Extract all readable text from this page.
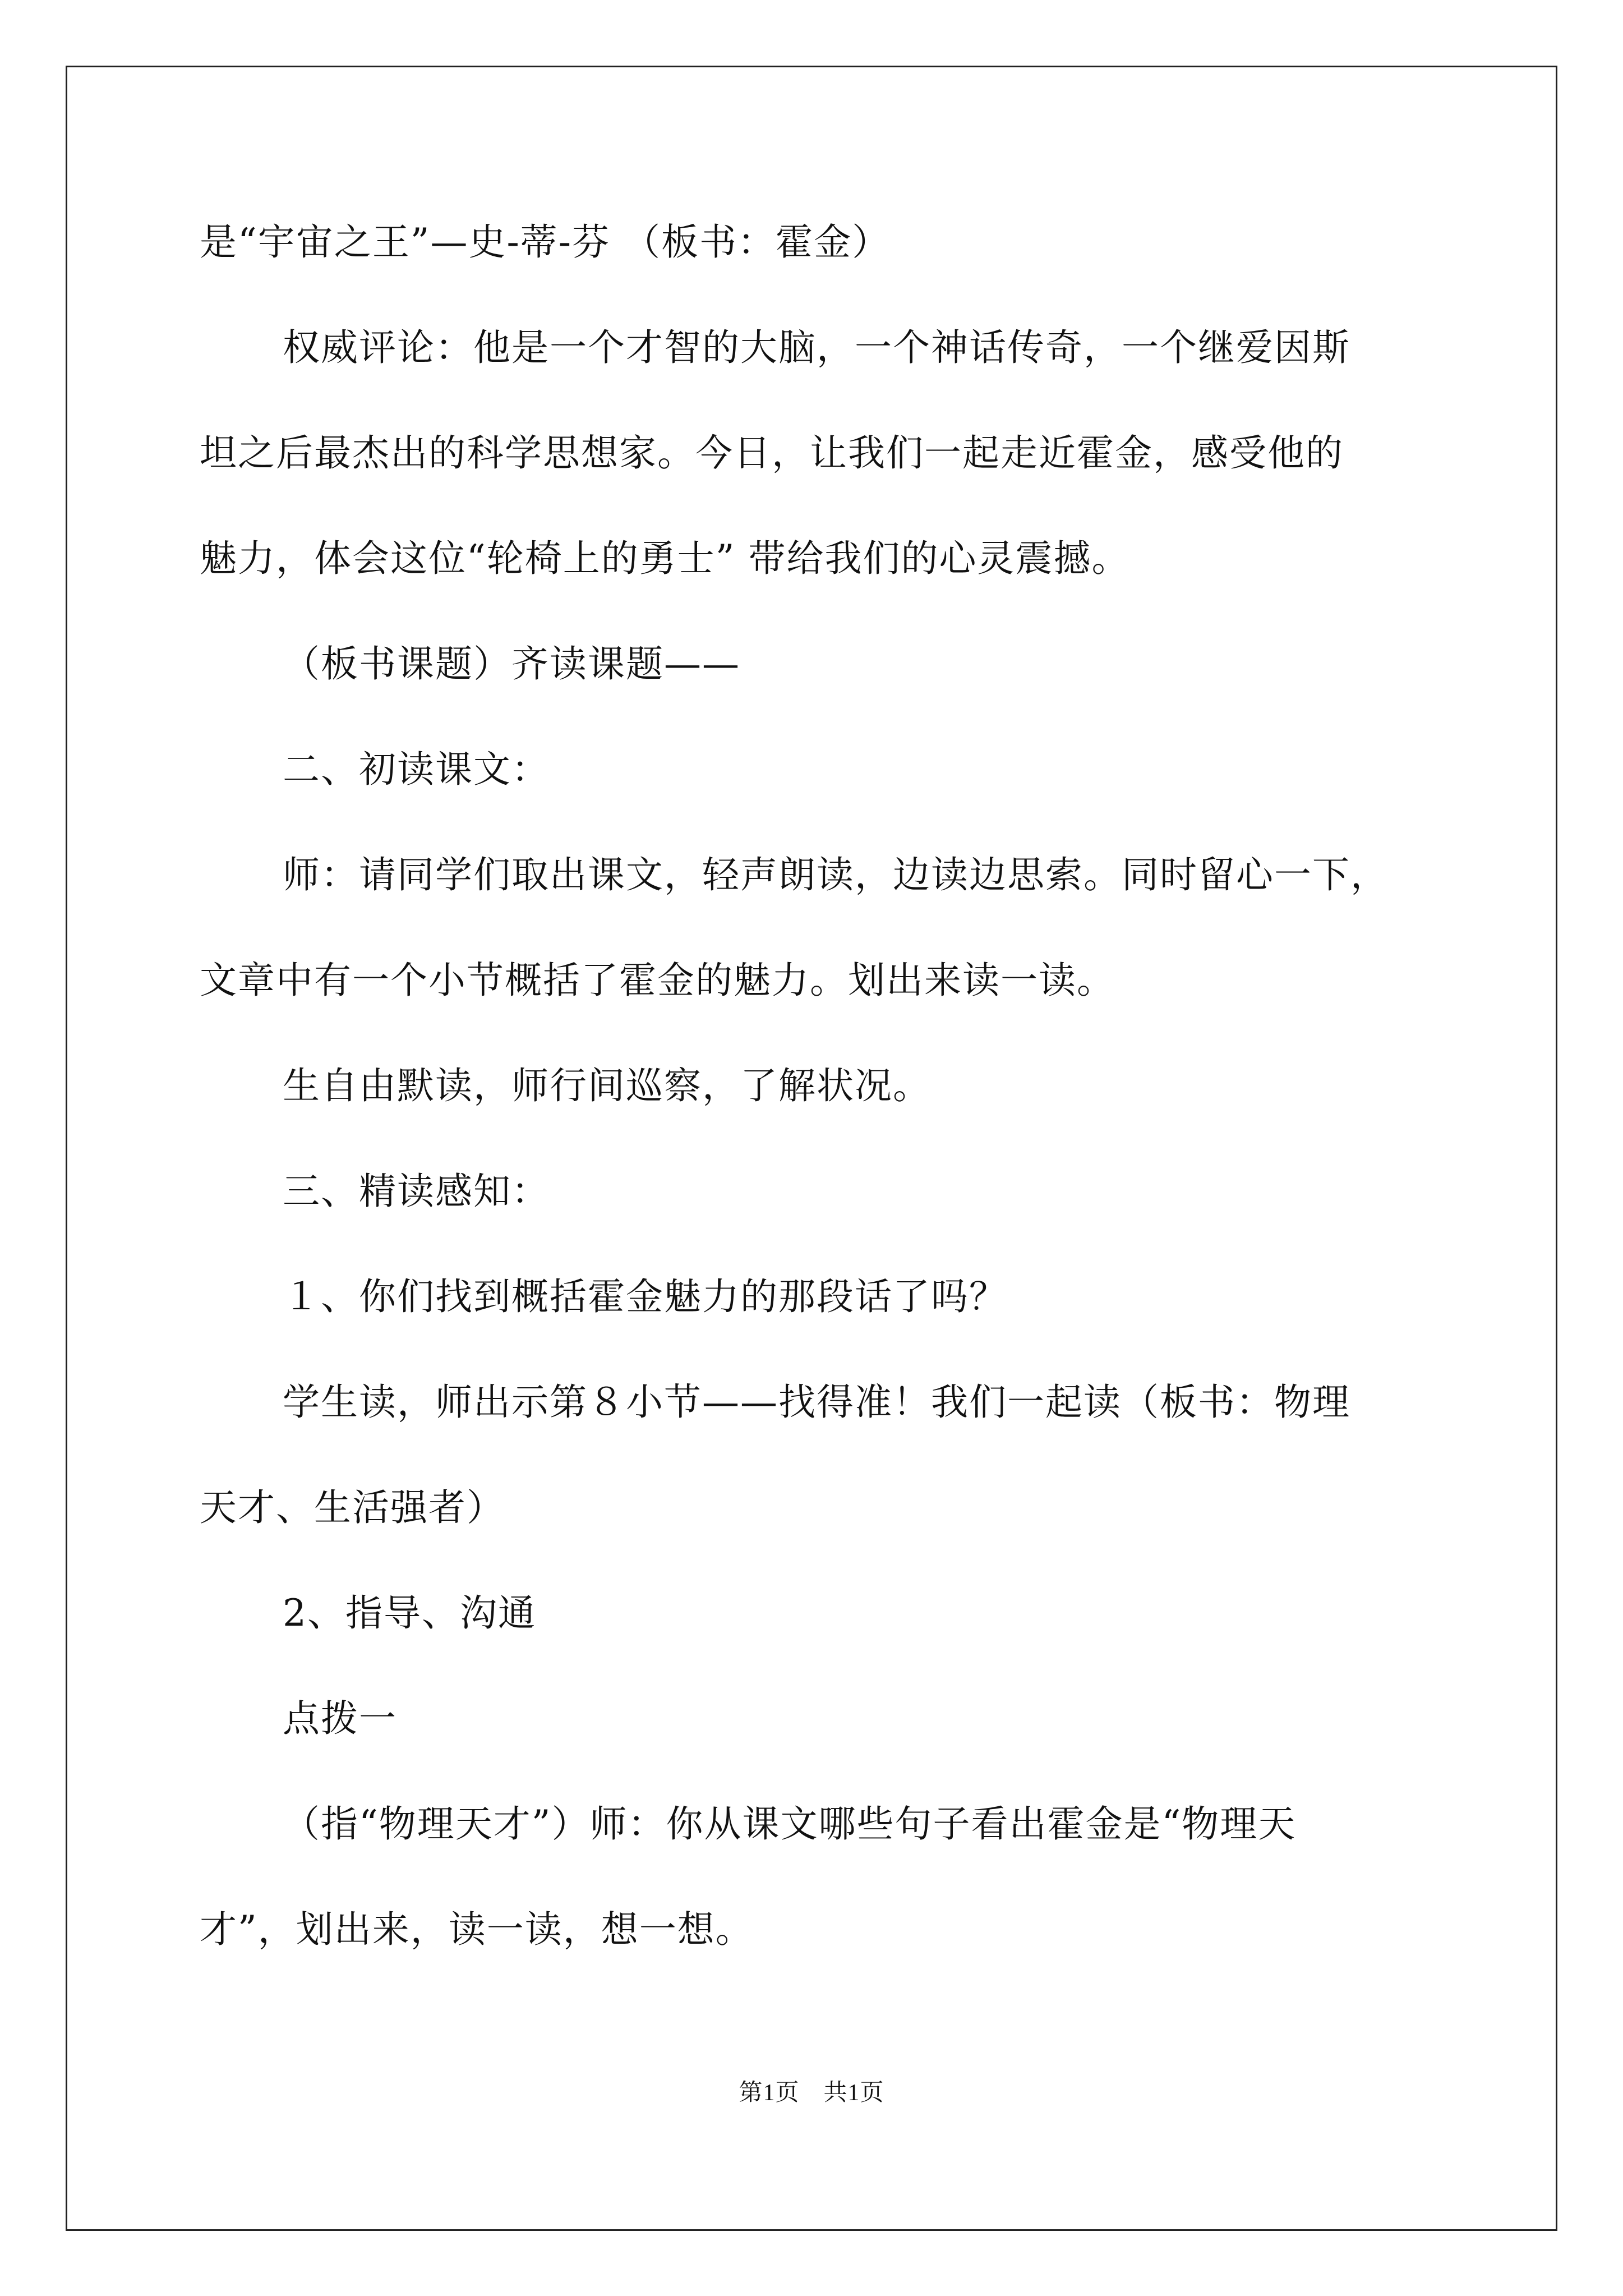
是“宇宙之王”—史-蒂-芬 （板书：霍金）

权威评论：他是一个才智的大脑，一个神话传奇，一个继爱因斯

坦之后最杰出的科学思想家。今日，让我们一起走近霍金，感受他的

魅力，体会这位“轮椅上的勇士” 带给我们的心灵震撼。

（板书课题）齐读课题——

二、初读课文：

师：请同学们取出课文，轻声朗读，边读边思索。同时留心一下，

文章中有一个小节概括了霍金的魅力。划出来读一读。

生自由默读，师行间巡察，了解状况。

三、精读感知：

１、你们找到概括霍金魅力的那段话了吗？

学生读，师出示第８小节——找得准！我们一起读（板书：物理

天才、生活强者）

2、指导、沟通

点拨一

（指“物理天才”）师：你从课文哪些句子看出霍金是“物理天

才”，划出来，读一读，想一想。

第1页　共1页
